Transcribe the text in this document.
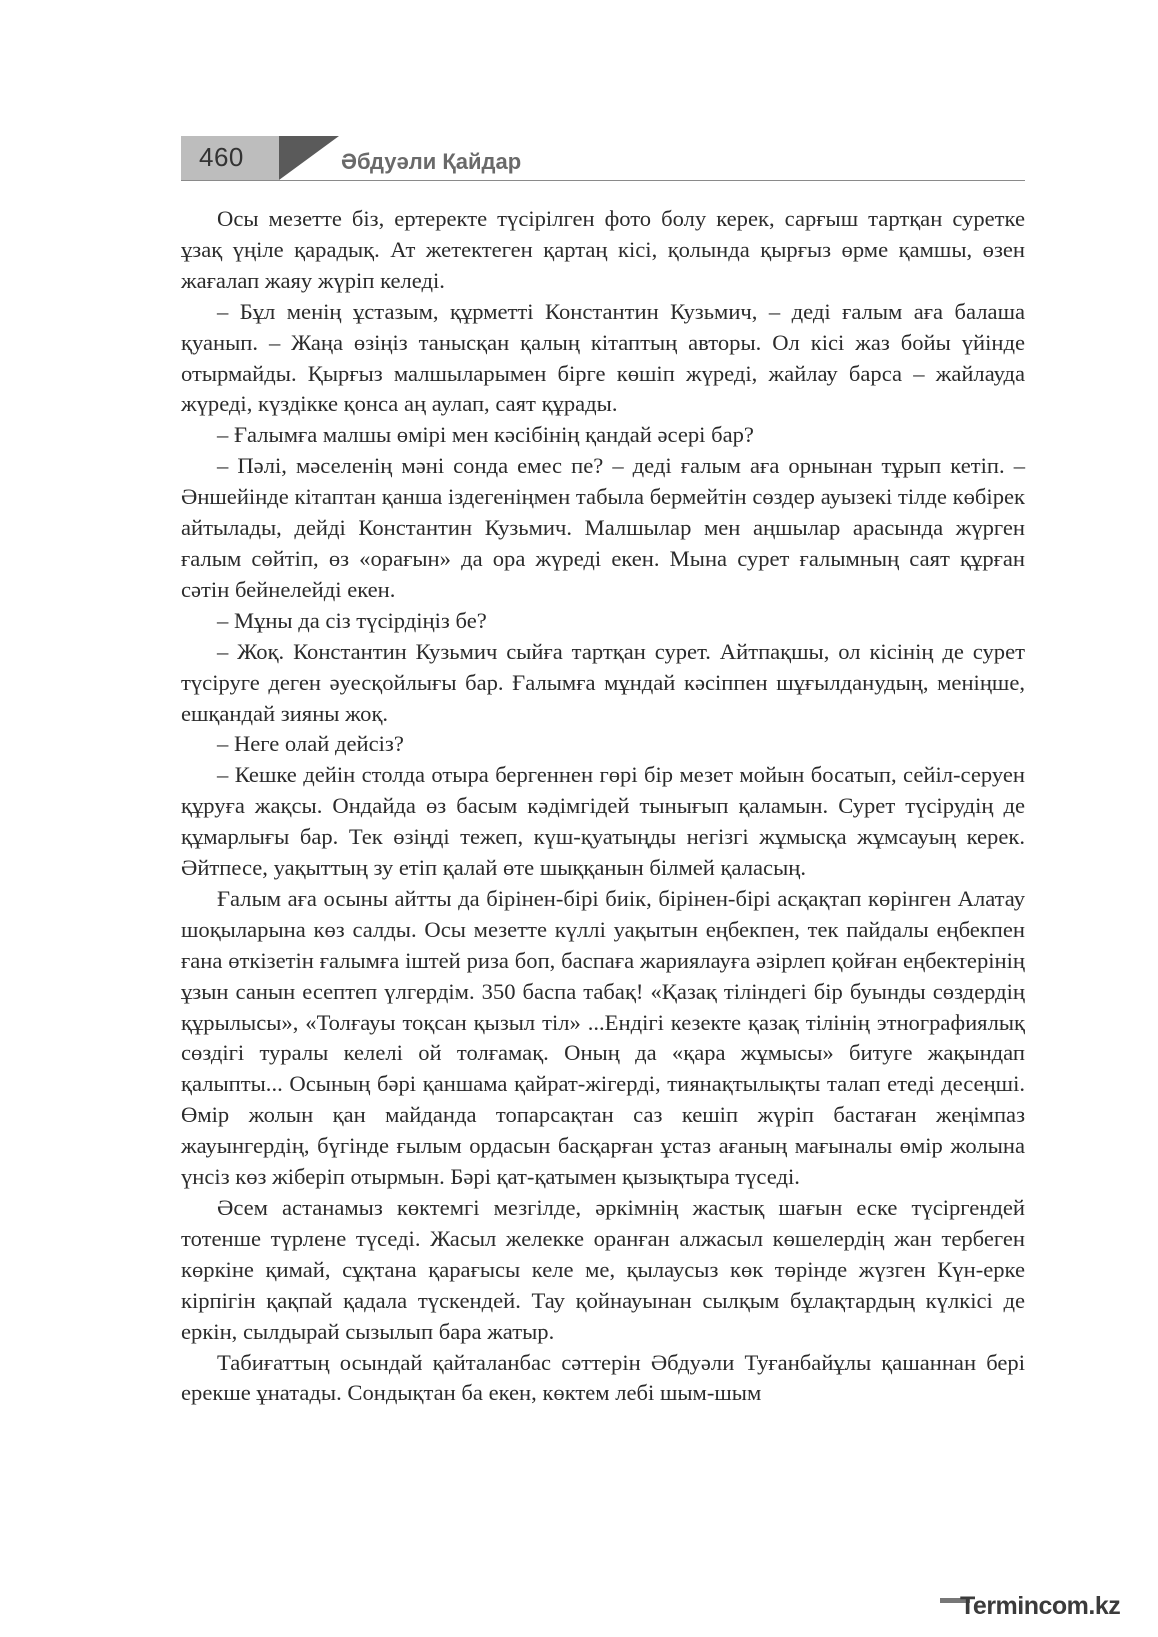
460	Әбдуәли Қайдар

Осы мезетте біз, ертеректе түсірілген фото болу керек, сарғыш тартқан суретке ұзақ үңіле қарадық. Ат жетектеген қартаң кісі, қолында қырғыз өрме қамшы, өзен жағалап жаяу жүріп келеді.

– Бұл менің ұстазым, құрметті Константин Кузьмич, – деді ғалым аға балаша қуанып. – Жаңа өзіңіз танысқан қалың кітаптың авторы. Ол кісі жаз бойы үйінде отырмайды. Қырғыз малшыларымен бірге көшіп жүреді, жайлау барса – жайлауда жүреді, күздікке қонса аң аулап, саят құрады.

– Ғалымға малшы өмірі мен кәсібінің қандай әсері бар?

– Пәлі, мәселенің мәні сонда емес пе? – деді ғалым аға орнынан тұрып кетіп. – Әншейінде кітаптан қанша іздегеніңмен табыла бермейтін сөздер ауызекі тілде көбірек айтылады, дейді Константин Кузьмич. Малшылар мен аңшылар арасында жүрген ғалым сөйтіп, өз «орағын» да ора жүреді екен. Мына сурет ғалымның саят құрған сәтін бейнелейді екен.

– Мұны да сіз түсірдіңіз бе?

– Жоқ. Константин Кузьмич сыйға тартқан сурет. Айтпақшы, ол кісінің де сурет түсіруге деген әуесқойлығы бар. Ғалымға мұндай кәсіппен шұғылданудың, меніңше, ешқандай зияны жоқ.

– Неге олай дейсіз?

– Кешке дейін столда отыра бергеннен гөрі бір мезет мойын босатып, сейіл-серуен құруға жақсы. Ондайда өз басым кәдімгідей тынығып қаламын. Сурет түсірудің де құмарлығы бар. Тек өзіңді тежеп, күш-қуатыңды негізгі жұмысқа жұмсауың керек. Әйтпесе, уақыттың зу етіп қалай өте шыққанын білмей қаласың.

Ғалым аға осыны айтты да бірінен-бірі биік, бірінен-бірі асқақтап көрінген Алатау шоқыларына көз салды. Осы мезетте күллі уақытын еңбекпен, тек пайдалы еңбекпен ғана өткізетін ғалымға іштей риза боп, баспаға жариялауға әзірлеп қойған еңбектерінің ұзын санын есептеп үлгердім. 350 баспа табақ! «Қазақ тіліндегі бір буынды сөздердің құрылысы», «Толғауы тоқсан қызыл тіл» ...Ендігі кезекте қазақ тілінің этнографиялық сөздігі туралы келелі ой толғамақ. Оның да «қара жұмысы» битуге жақындап қалыпты... Осының бәрі қаншама қайрат-жігерді, тиянақтылықты талап етеді десеңші. Өмір жолын қан майданда топарсақтан саз кешіп жүріп бастаған жеңімпаз жауынгердің, бүгінде ғылым ордасын басқарған ұстаз ағаның мағыналы өмір жолына үнсіз көз жіберіп отырмын. Бәрі қат-қатымен қызықтыра түседі.

Әсем астанамыз көктемгі мезгілде, әркімнің жастық шағын еске түсіргендей тотенше түрлене түседі. Жасыл желекке оранған алжасыл көшелердің жан тербеген көркіне қимай, сұқтана қарағысы келе ме, қылаусыз көк төрінде жүзген Күн-ерке кірпігін қақпай қадала түскендей. Тау қойнауынан сылқым бұлақтардың күлкісі де еркін, сылдырай сызылып бара жатыр.

Табиғаттың осындай қайталанбас сәттерін Әбдуәли Туғанбайұлы қашаннан бері ерекше ұнатады. Сондықтан ба екен, көктем лебі шым-шым

Termincom.kz
